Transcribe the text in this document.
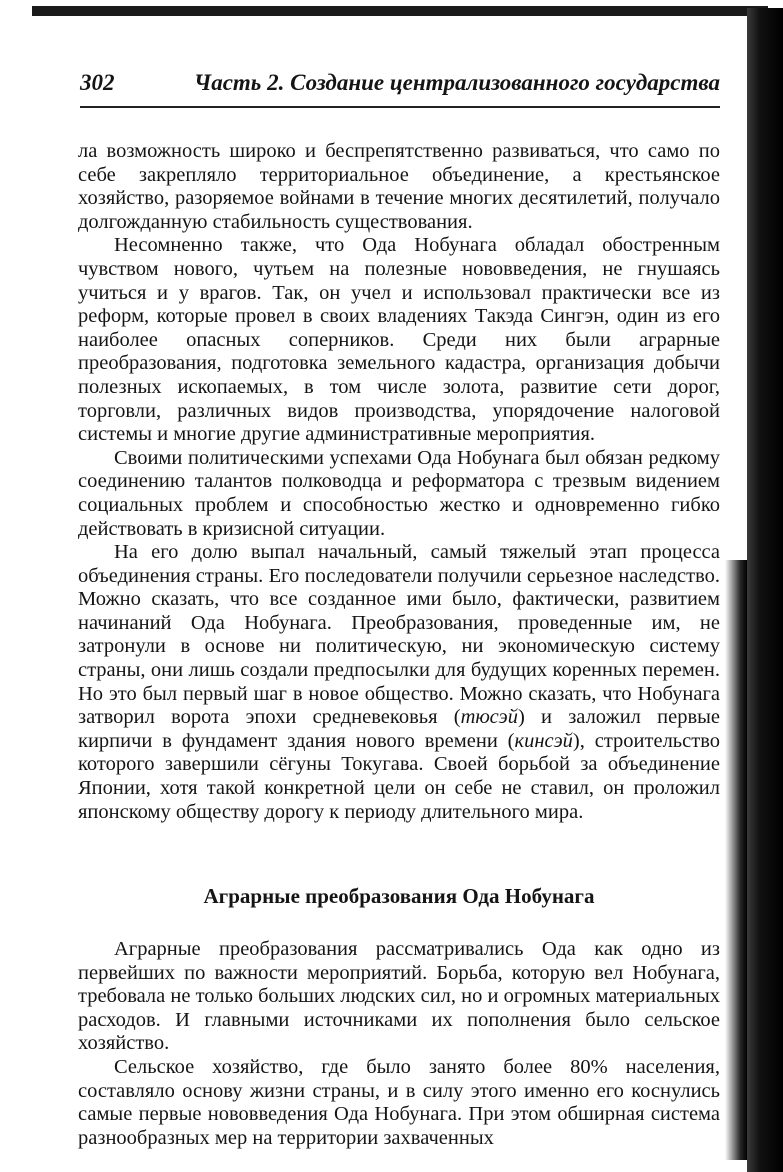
302	Часть 2. Создание централизованного государства

ла возможность широко и беспрепятственно развиваться, что само по себе закрепляло территориальное объединение, а крестьянское хозяйство, разоряемое войнами в течение многих десятилетий, получало долгожданную стабильность существования.

Несомненно также, что Ода Нобунага обладал обостренным чувством нового, чутьем на полезные нововведения, не гнушаясь учиться и у врагов. Так, он учел и использовал практически все из реформ, которые провел в своих владениях Такэда Сингэн, один из его наиболее опасных соперников. Среди них были аграрные преобразования, подготовка земельного кадастра, организация добычи полезных ископаемых, в том числе золота, развитие сети дорог, торговли, различных видов производства, упорядочение налоговой системы и многие другие административные мероприятия.

Своими политическими успехами Ода Нобунага был обязан редкому соединению талантов полководца и реформатора с трезвым видением социальных проблем и способностью жестко и одновременно гибко действовать в кризисной ситуации.

На его долю выпал начальный, самый тяжелый этап процесса объединения страны. Его последователи получили серьезное наследство. Можно сказать, что все созданное ими было, фактически, развитием начинаний Ода Нобунага. Преобразования, проведенные им, не затронули в основе ни политическую, ни экономическую систему страны, они лишь создали предпосылки для будущих коренных перемен. Но это был первый шаг в новое общество. Можно сказать, что Нобунага затворил ворота эпохи средневековья (тюсэй) и заложил первые кирпичи в фундамент здания нового времени (кинсэй), строительство которого завершили сёгуны Токугава. Своей борьбой за объединение Японии, хотя такой конкретной цели он себе не ставил, он проложил японскому обществу дорогу к периоду длительного мира.

Аграрные преобразования Ода Нобунага

Аграрные преобразования рассматривались Ода как одно из первейших по важности мероприятий. Борьба, которую вел Нобунага, требовала не только больших людских сил, но и огромных материальных расходов. И главными источниками их пополнения было сельское хозяйство.

Сельское хозяйство, где было занято более 80% населения, составляло основу жизни страны, и в силу этого именно его коснулись самые первые нововведения Ода Нобунага. При этом обширная система разнообразных мер на территории захваченных
